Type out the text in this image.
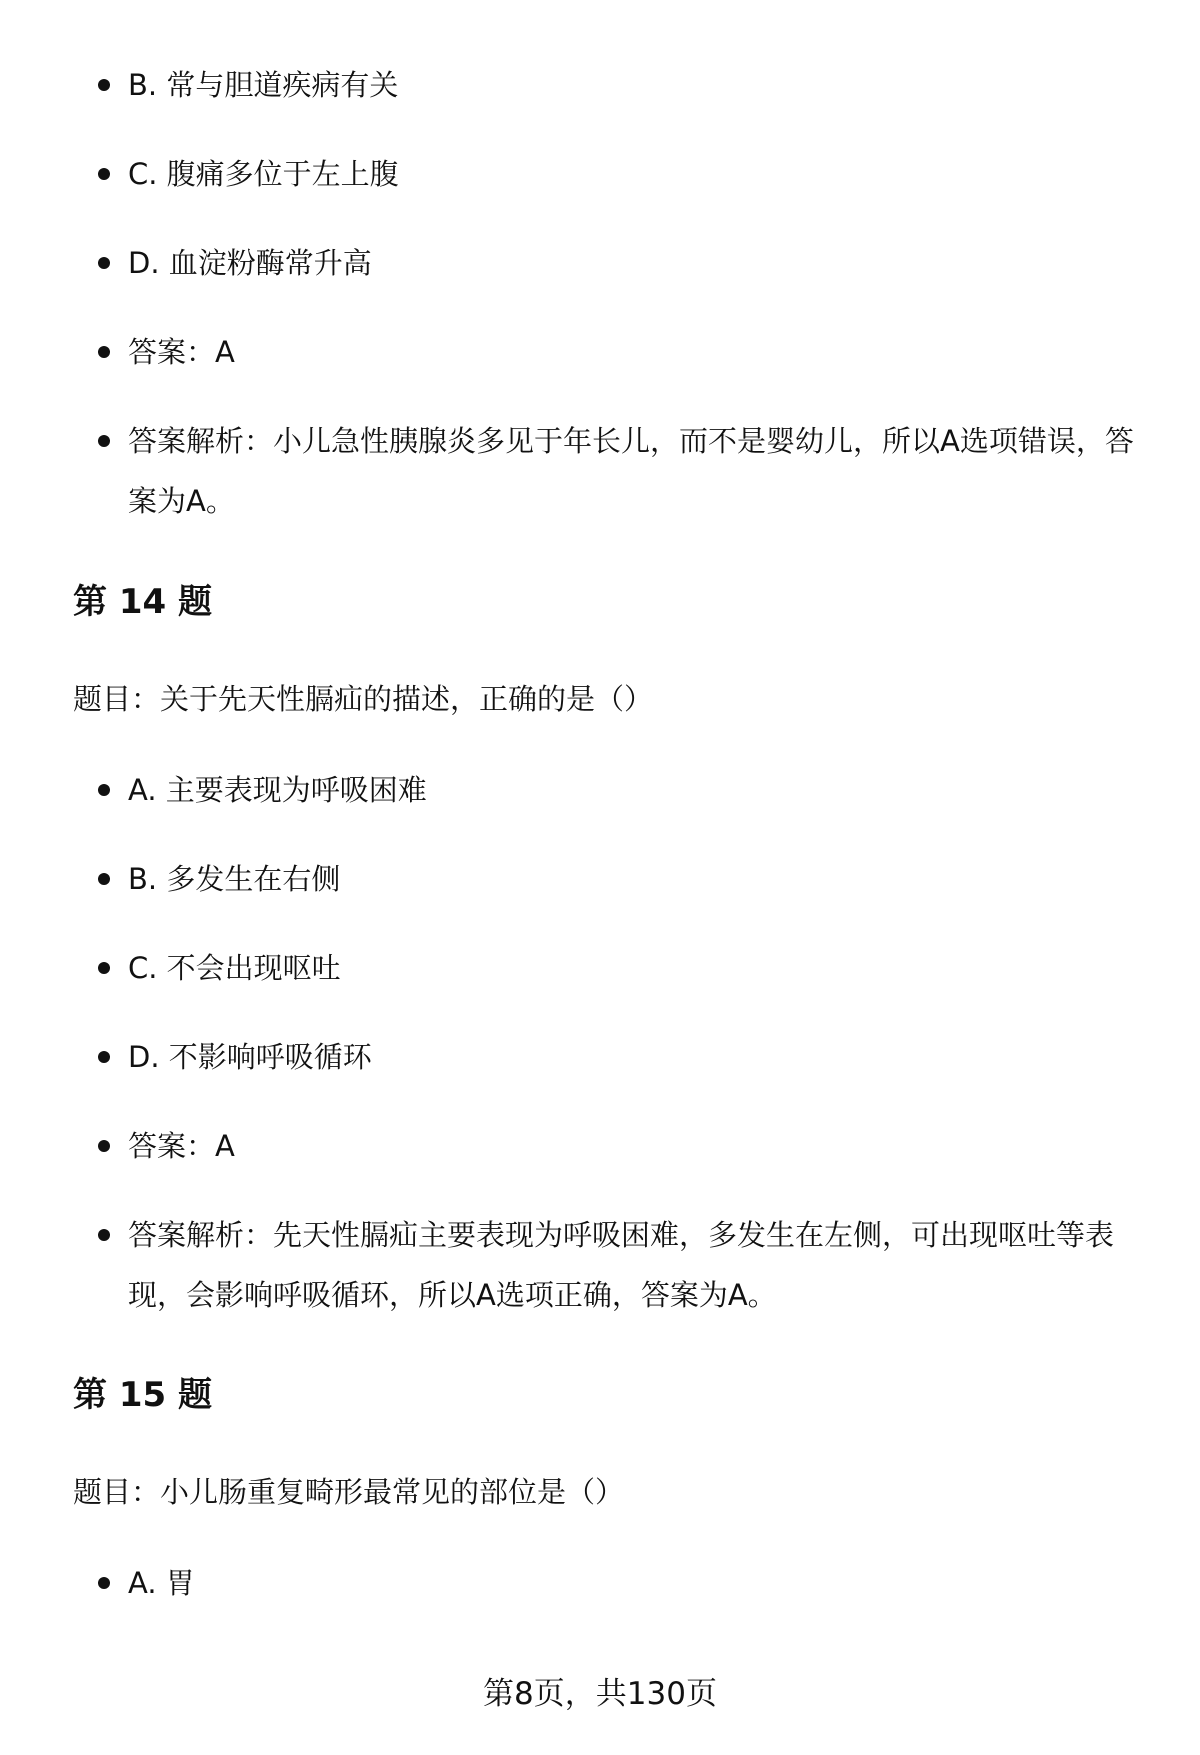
B. 常与胆道疾病有关
C. 腹痛多位于左上腹
D. 血淀粉酶常升高
答案：A
答案解析：小儿急性胰腺炎多见于年长儿，而不是婴幼儿，所以A选项错误，答案为A。
第 14 题

题目：关于先天性膈疝的描述，正确的是（）

A. 主要表现为呼吸困难
B. 多发生在右侧
C. 不会出现呕吐
D. 不影响呼吸循环
答案：A
答案解析：先天性膈疝主要表现为呼吸困难，多发生在左侧，可出现呕吐等表现，会影响呼吸循环，所以A选项正确，答案为A。
第 15 题

题目：小儿肠重复畸形最常见的部位是（）

A. 胃
第8页，共130页
